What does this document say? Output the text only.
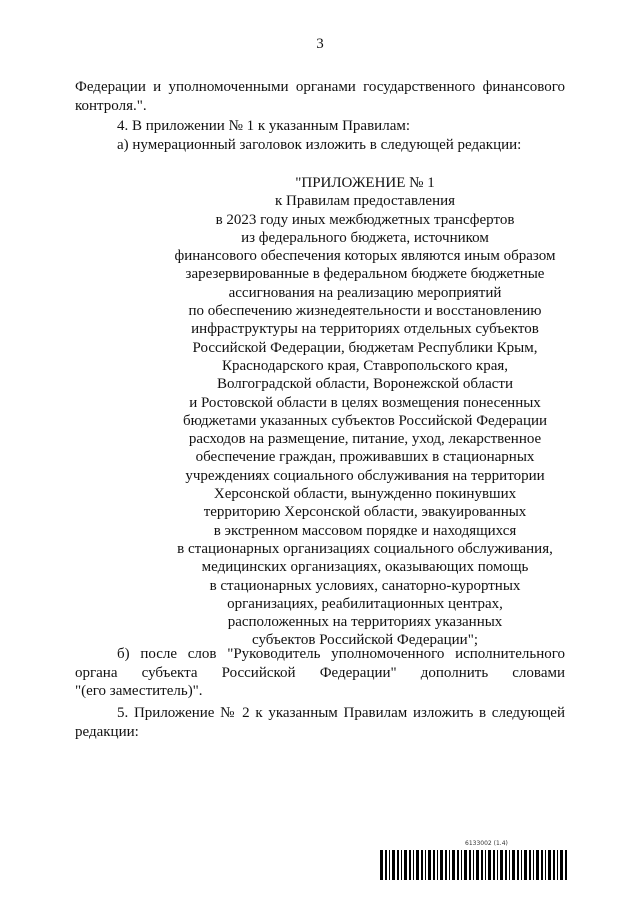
3
Федерации и уполномоченными органами государственного финансового
контроля.".
4. В приложении № 1 к указанным Правилам:
а) нумерационный заголовок изложить в следующей редакции:
"ПРИЛОЖЕНИЕ № 1
к Правилам предоставления
в 2023 году иных межбюджетных трансфертов
из федерального бюджета, источником
финансового обеспечения которых являются иным образом
зарезервированные в федеральном бюджете бюджетные
ассигнования на реализацию мероприятий
по обеспечению жизнедеятельности и восстановлению
инфраструктуры на территориях отдельных субъектов
Российской Федерации, бюджетам Республики Крым,
Краснодарского края, Ставропольского края,
Волгоградской области, Воронежской области
и Ростовской области в целях возмещения понесенных
бюджетами указанных субъектов Российской Федерации
расходов на размещение, питание, уход, лекарственное
обеспечение граждан, проживавших в стационарных
учреждениях социального обслуживания на территории
Херсонской области, вынужденно покинувших
территорию Херсонской области, эвакуированных
в экстренном массовом порядке и находящихся
в стационарных организациях социального обслуживания,
медицинских организациях, оказывающих помощь
в стационарных условиях, санаторно-курортных
организациях, реабилитационных центрах,
расположенных на территориях указанных
субъектов Российской Федерации";
б) после слов "Руководитель уполномоченного исполнительного
органа субъекта Российской Федерации" дополнить словами
"(его заместитель)".
5. Приложение № 2 к указанным Правилам изложить в следующей
редакции:
6133002 (1.4)
